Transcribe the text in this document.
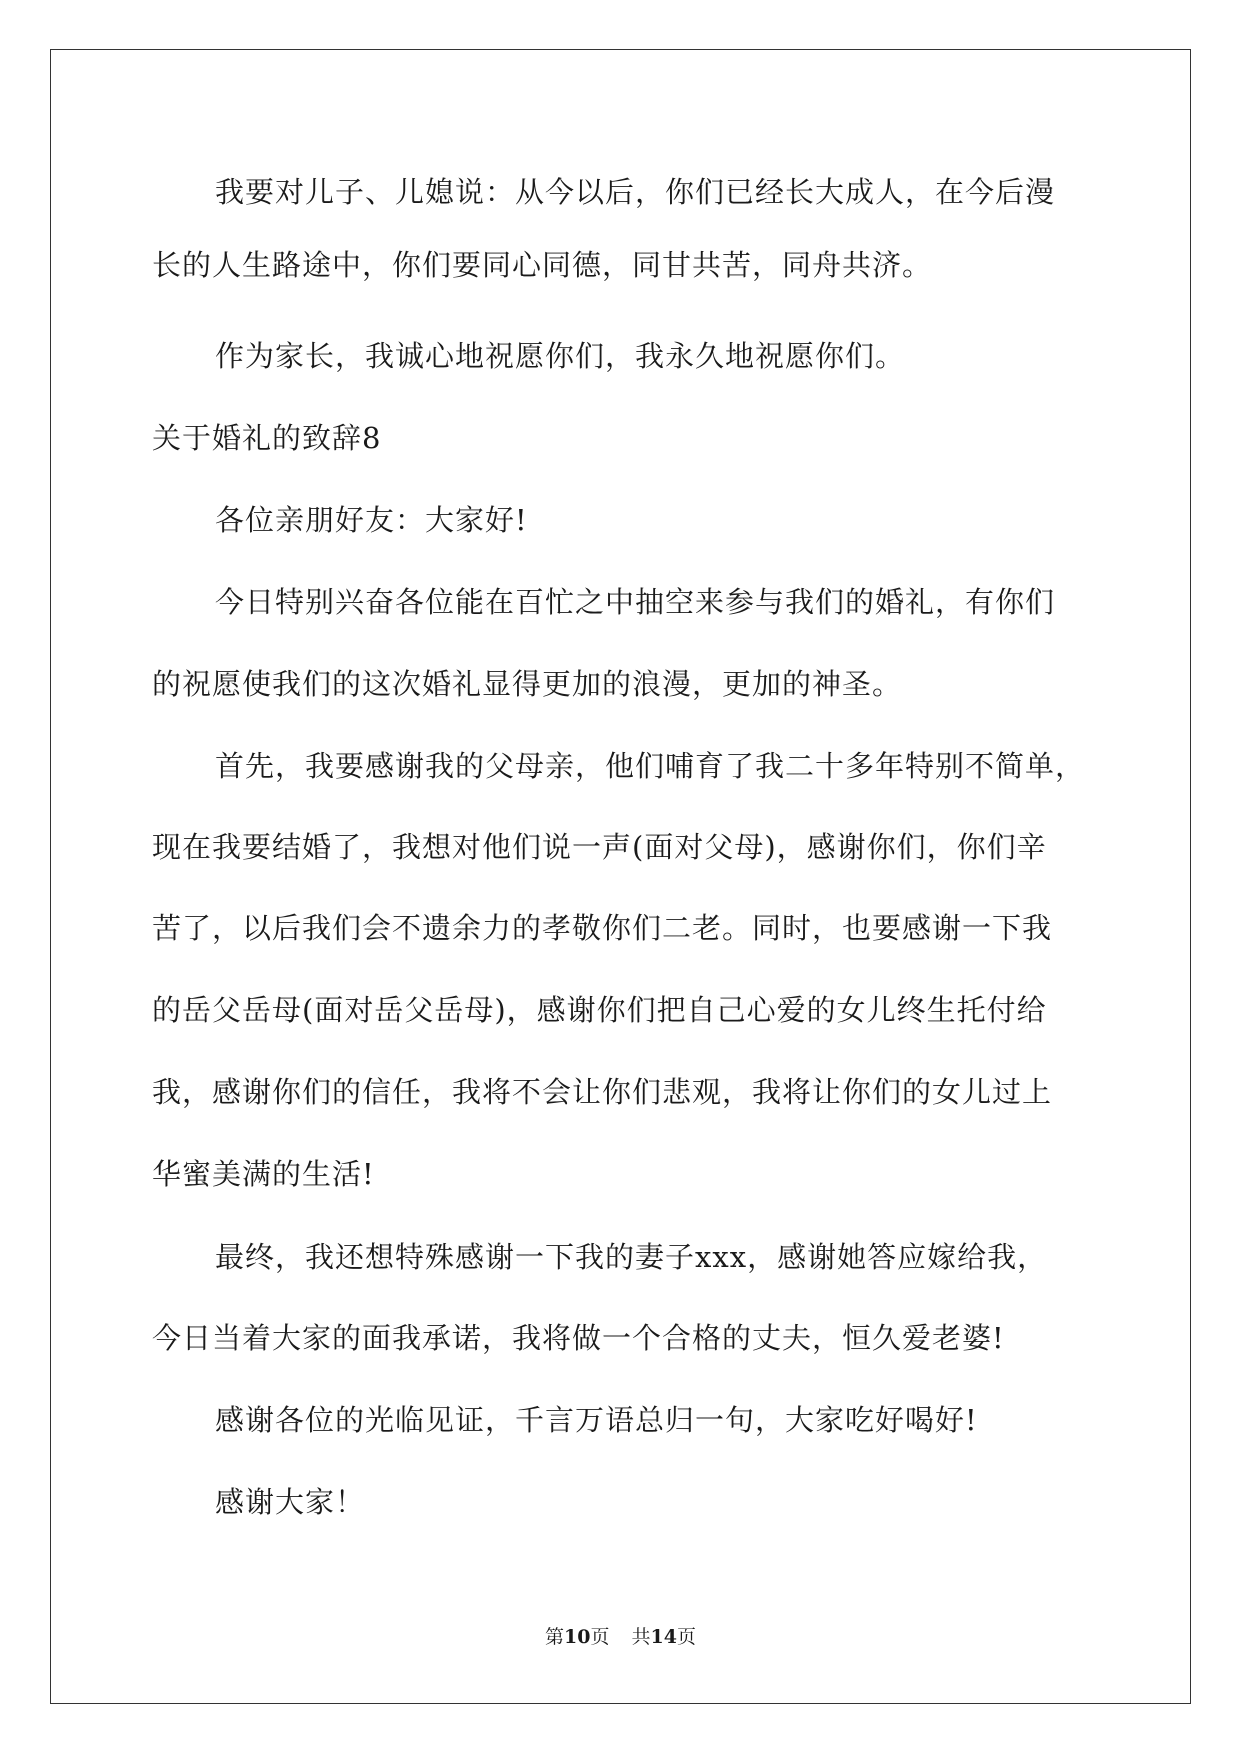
我要对儿子、儿媳说：从今以后，你们已经长大成人，在今后漫
长的人生路途中，你们要同心同德，同甘共苦，同舟共济。
作为家长，我诚心地祝愿你们，我永久地祝愿你们。
关于婚礼的致辞8
各位亲朋好友：大家好!
今日特别兴奋各位能在百忙之中抽空来参与我们的婚礼，有你们
的祝愿使我们的这次婚礼显得更加的浪漫，更加的神圣。
首先，我要感谢我的父母亲，他们哺育了我二十多年特别不简单，
现在我要结婚了，我想对他们说一声(面对父母)，感谢你们，你们辛
苦了，以后我们会不遗余力的孝敬你们二老。同时，也要感谢一下我
的岳父岳母(面对岳父岳母)，感谢你们把自己心爱的女儿终生托付给
我，感谢你们的信任，我将不会让你们悲观，我将让你们的女儿过上
华蜜美满的生活!
最终，我还想特殊感谢一下我的妻子xxx，感谢她答应嫁给我，
今日当着大家的面我承诺，我将做一个合格的丈夫，恒久爱老婆!
感谢各位的光临见证，千言万语总归一句，大家吃好喝好!
感谢大家！
第10页 共14页
